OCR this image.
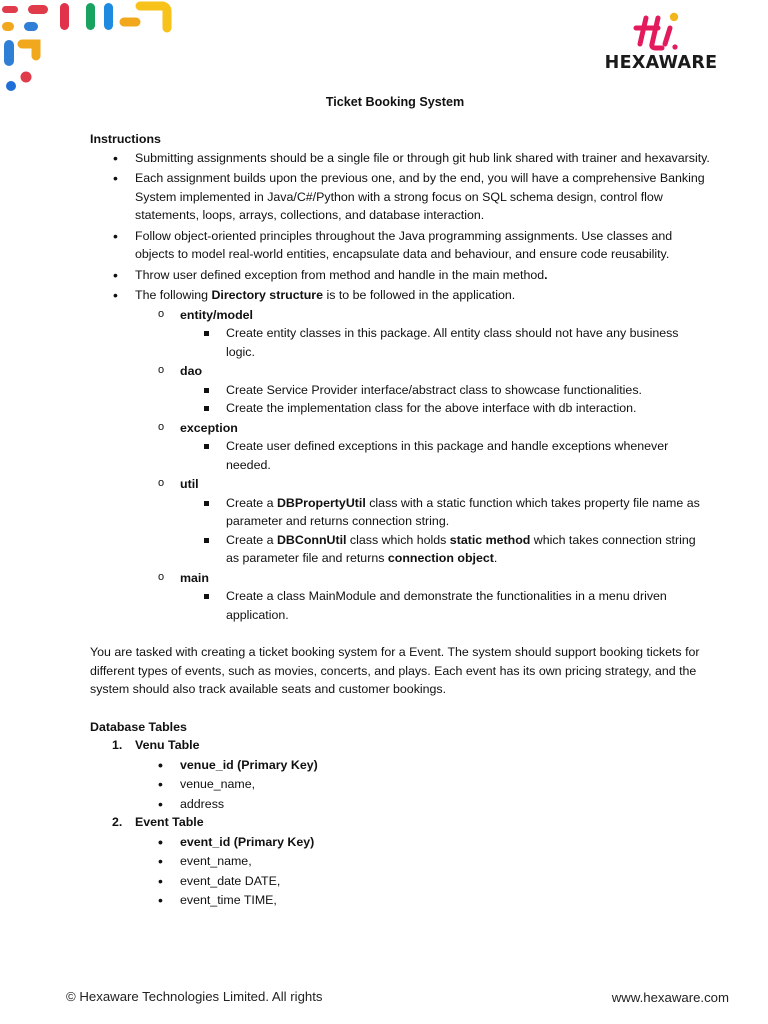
HEXAWARE
Ticket Booking System
Instructions
• Submitting assignments should be a single file or through git hub link shared with trainer and hexavarsity.
• Each assignment builds upon the previous one, and by the end, you will have a comprehensive Banking System implemented in Java/C#/Python with a strong focus on SQL schema design, control flow statements, loops, arrays, collections, and database interaction.
• Follow object-oriented principles throughout the Java programming assignments. Use classes and objects to model real-world entities, encapsulate data and behaviour, and ensure code reusability.
• Throw user defined exception from method and handle in the main method.
• The following Directory structure is to be followed in the application.
o entity/model
Create entity classes in this package. All entity class should not have any business logic.
o dao
Create Service Provider interface/abstract class to showcase functionalities.
Create the implementation class for the above interface with db interaction.
o exception
Create user defined exceptions in this package and handle exceptions whenever needed.
o util
Create a DBPropertyUtil class with a static function which takes property file name as parameter and returns connection string.
Create a DBConnUtil class which holds static method which takes connection string as parameter file and returns connection object.
o main
Create a class MainModule and demonstrate the functionalities in a menu driven application.
You are tasked with creating a ticket booking system for a Event. The system should support booking tickets for different types of events, such as movies, concerts, and plays. Each event has its own pricing strategy, and the system should also track available seats and customer bookings.
Database Tables
1. Venu Table
• venue_id (Primary Key)
• venue_name,
• address
2. Event Table
• event_id (Primary Key)
• event_name,
• event_date DATE,
• event_time TIME,
© Hexaware Technologies Limited. All rights	www.hexaware.com
